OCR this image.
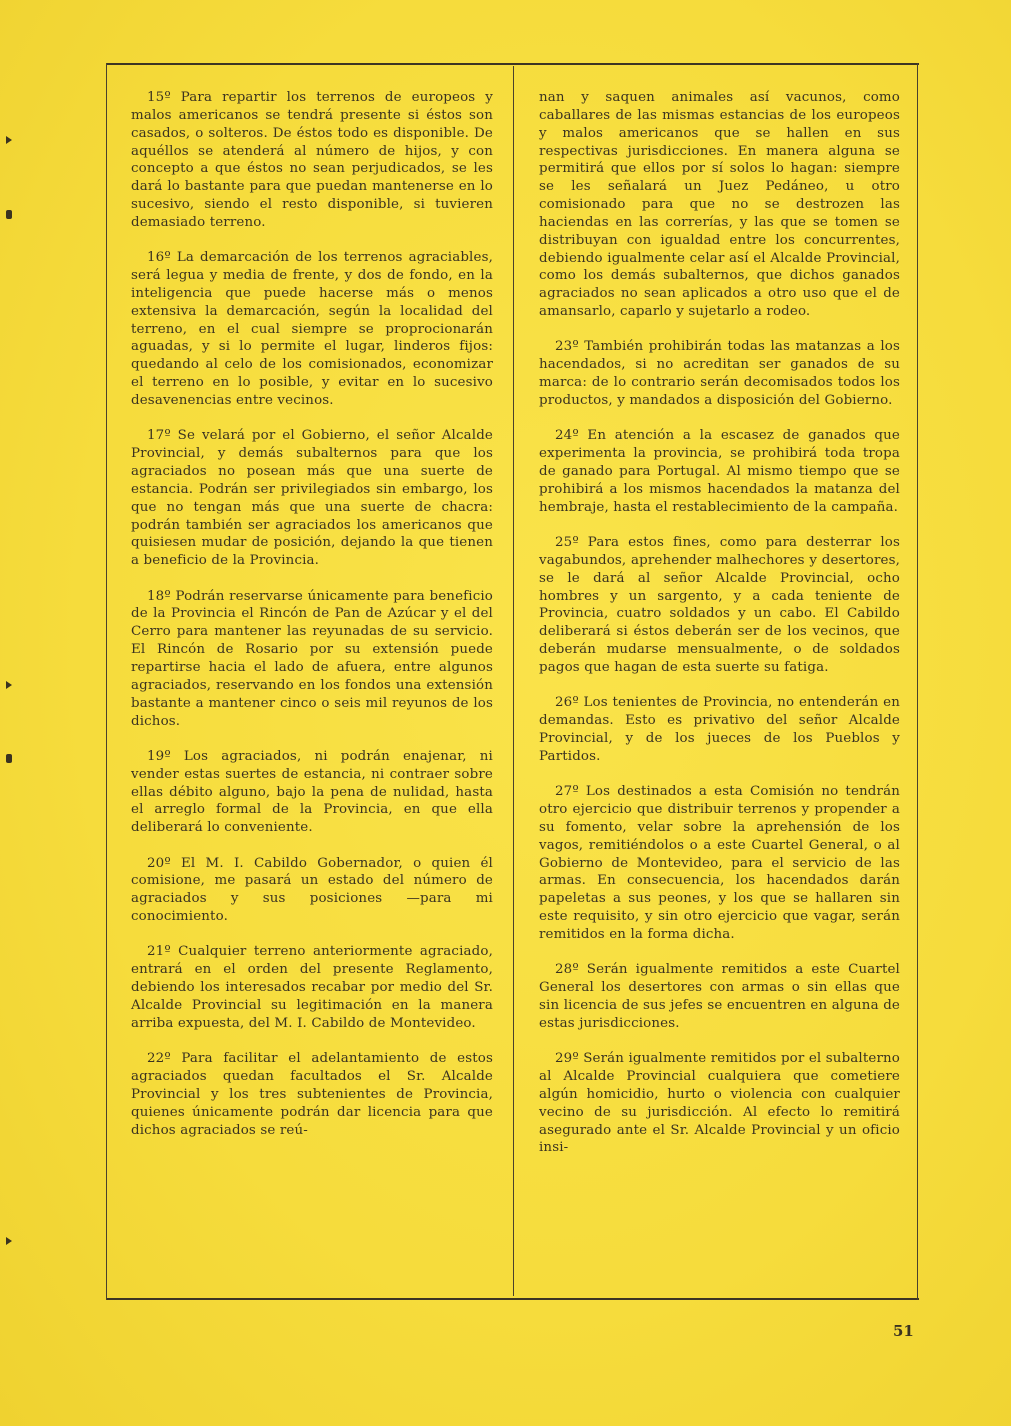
15º Para repartir los terrenos de europeos y malos americanos se tendrá presente si éstos son casados, o solteros. De éstos todo es disponible. De aquéllos se atenderá al número de hijos, y con concepto a que éstos no sean perjudicados, se les dará lo bastante para que puedan mantenerse en lo sucesivo, siendo el resto disponible, si tuvieren demasiado terreno.

16º La demarcación de los terrenos agraciables, será legua y media de frente, y dos de fondo, en la inteligencia que puede hacerse más o menos extensiva la demarcación, según la localidad del terreno, en el cual siempre se proprocionarán aguadas, y si lo permite el lugar, linderos fijos: quedando al celo de los comisionados, economizar el terreno en lo posible, y evitar en lo sucesivo desavenencias entre vecinos.

17º Se velará por el Gobierno, el señor Alcalde Provincial, y demás subalternos para que los agraciados no posean más que una suerte de estancia. Podrán ser privilegiados sin embargo, los que no tengan más que una suerte de chacra: podrán también ser agraciados los americanos que quisiesen mudar de posición, dejando la que tienen a beneficio de la Provincia.

18º Podrán reservarse únicamente para beneficio de la Provincia el Rincón de Pan de Azúcar y el del Cerro para mantener las reyunadas de su servicio. El Rincón de Rosario por su extensión puede repartirse hacia el lado de afuera, entre algunos agraciados, reservando en los fondos una extensión bastante a mantener cinco o seis mil reyunos de los dichos.

19º Los agraciados, ni podrán enajenar, ni vender estas suertes de estancia, ni contraer sobre ellas débito alguno, bajo la pena de nulidad, hasta el arreglo formal de la Provincia, en que ella deliberará lo conveniente.

20º El M. I. Cabildo Gobernador, o quien él comisione, me pasará un estado del número de agraciados y sus posiciones —para mi conocimiento.

21º Cualquier terreno anteriormente agraciado, entrará en el orden del presente Reglamento, debiendo los interesados recabar por medio del Sr. Alcalde Provincial su legitimación en la manera arriba expuesta, del M. I. Cabildo de Montevideo.

22º Para facilitar el adelantamiento de estos agraciados quedan facultados el Sr. Alcalde Provincial y los tres subtenientes de Provincia, quienes únicamente podrán dar licencia para que dichos agraciados se reú-

nan y saquen animales así vacunos, como caballares de las mismas estancias de los europeos y malos americanos que se hallen en sus respectivas jurisdicciones. En manera alguna se permitirá que ellos por sí solos lo hagan: siempre se les señalará un Juez Pedáneo, u otro comisionado para que no se destrozen las haciendas en las correrías, y las que se tomen se distribuyan con igualdad entre los concurrentes, debiendo igualmente celar así el Alcalde Provincial, como los demás subalternos, que dichos ganados agraciados no sean aplicados a otro uso que el de amansarlo, caparlo y sujetarlo a rodeo.

23º También prohibirán todas las matanzas a los hacendados, si no acreditan ser ganados de su marca: de lo contrario serán decomisados todos los productos, y mandados a disposición del Gobierno.

24º En atención a la escasez de ganados que experimenta la provincia, se prohibirá toda tropa de ganado para Portugal. Al mismo tiempo que se prohibirá a los mismos hacendados la matanza del hembraje, hasta el restablecimiento de la campaña.

25º Para estos fines, como para desterrar los vagabundos, aprehender malhechores y desertores, se le dará al señor Alcalde Provincial, ocho hombres y un sargento, y a cada teniente de Provincia, cuatro soldados y un cabo. El Cabildo deliberará si éstos deberán ser de los vecinos, que deberán mudarse mensualmente, o de soldados pagos que hagan de esta suerte su fatiga.

26º Los tenientes de Provincia, no entenderán en demandas. Esto es privativo del señor Alcalde Provincial, y de los jueces de los Pueblos y Partidos.

27º Los destinados a esta Comisión no tendrán otro ejercicio que distribuir terrenos y propender a su fomento, velar sobre la aprehensión de los vagos, remitiéndolos o a este Cuartel General, o al Gobierno de Montevideo, para el servicio de las armas. En consecuencia, los hacendados darán papeletas a sus peones, y los que se hallaren sin este requisito, y sin otro ejercicio que vagar, serán remitidos en la forma dicha.

28º Serán igualmente remitidos a este Cuartel General los desertores con armas o sin ellas que sin licencia de sus jefes se encuentren en alguna de estas jurisdicciones.

29º Serán igualmente remitidos por el subalterno al Alcalde Provincial cualquiera que cometiere algún homicidio, hurto o violencia con cualquier vecino de su jurisdicción. Al efecto lo remitirá asegurado ante el Sr. Alcalde Provincial y un oficio insi-

51
